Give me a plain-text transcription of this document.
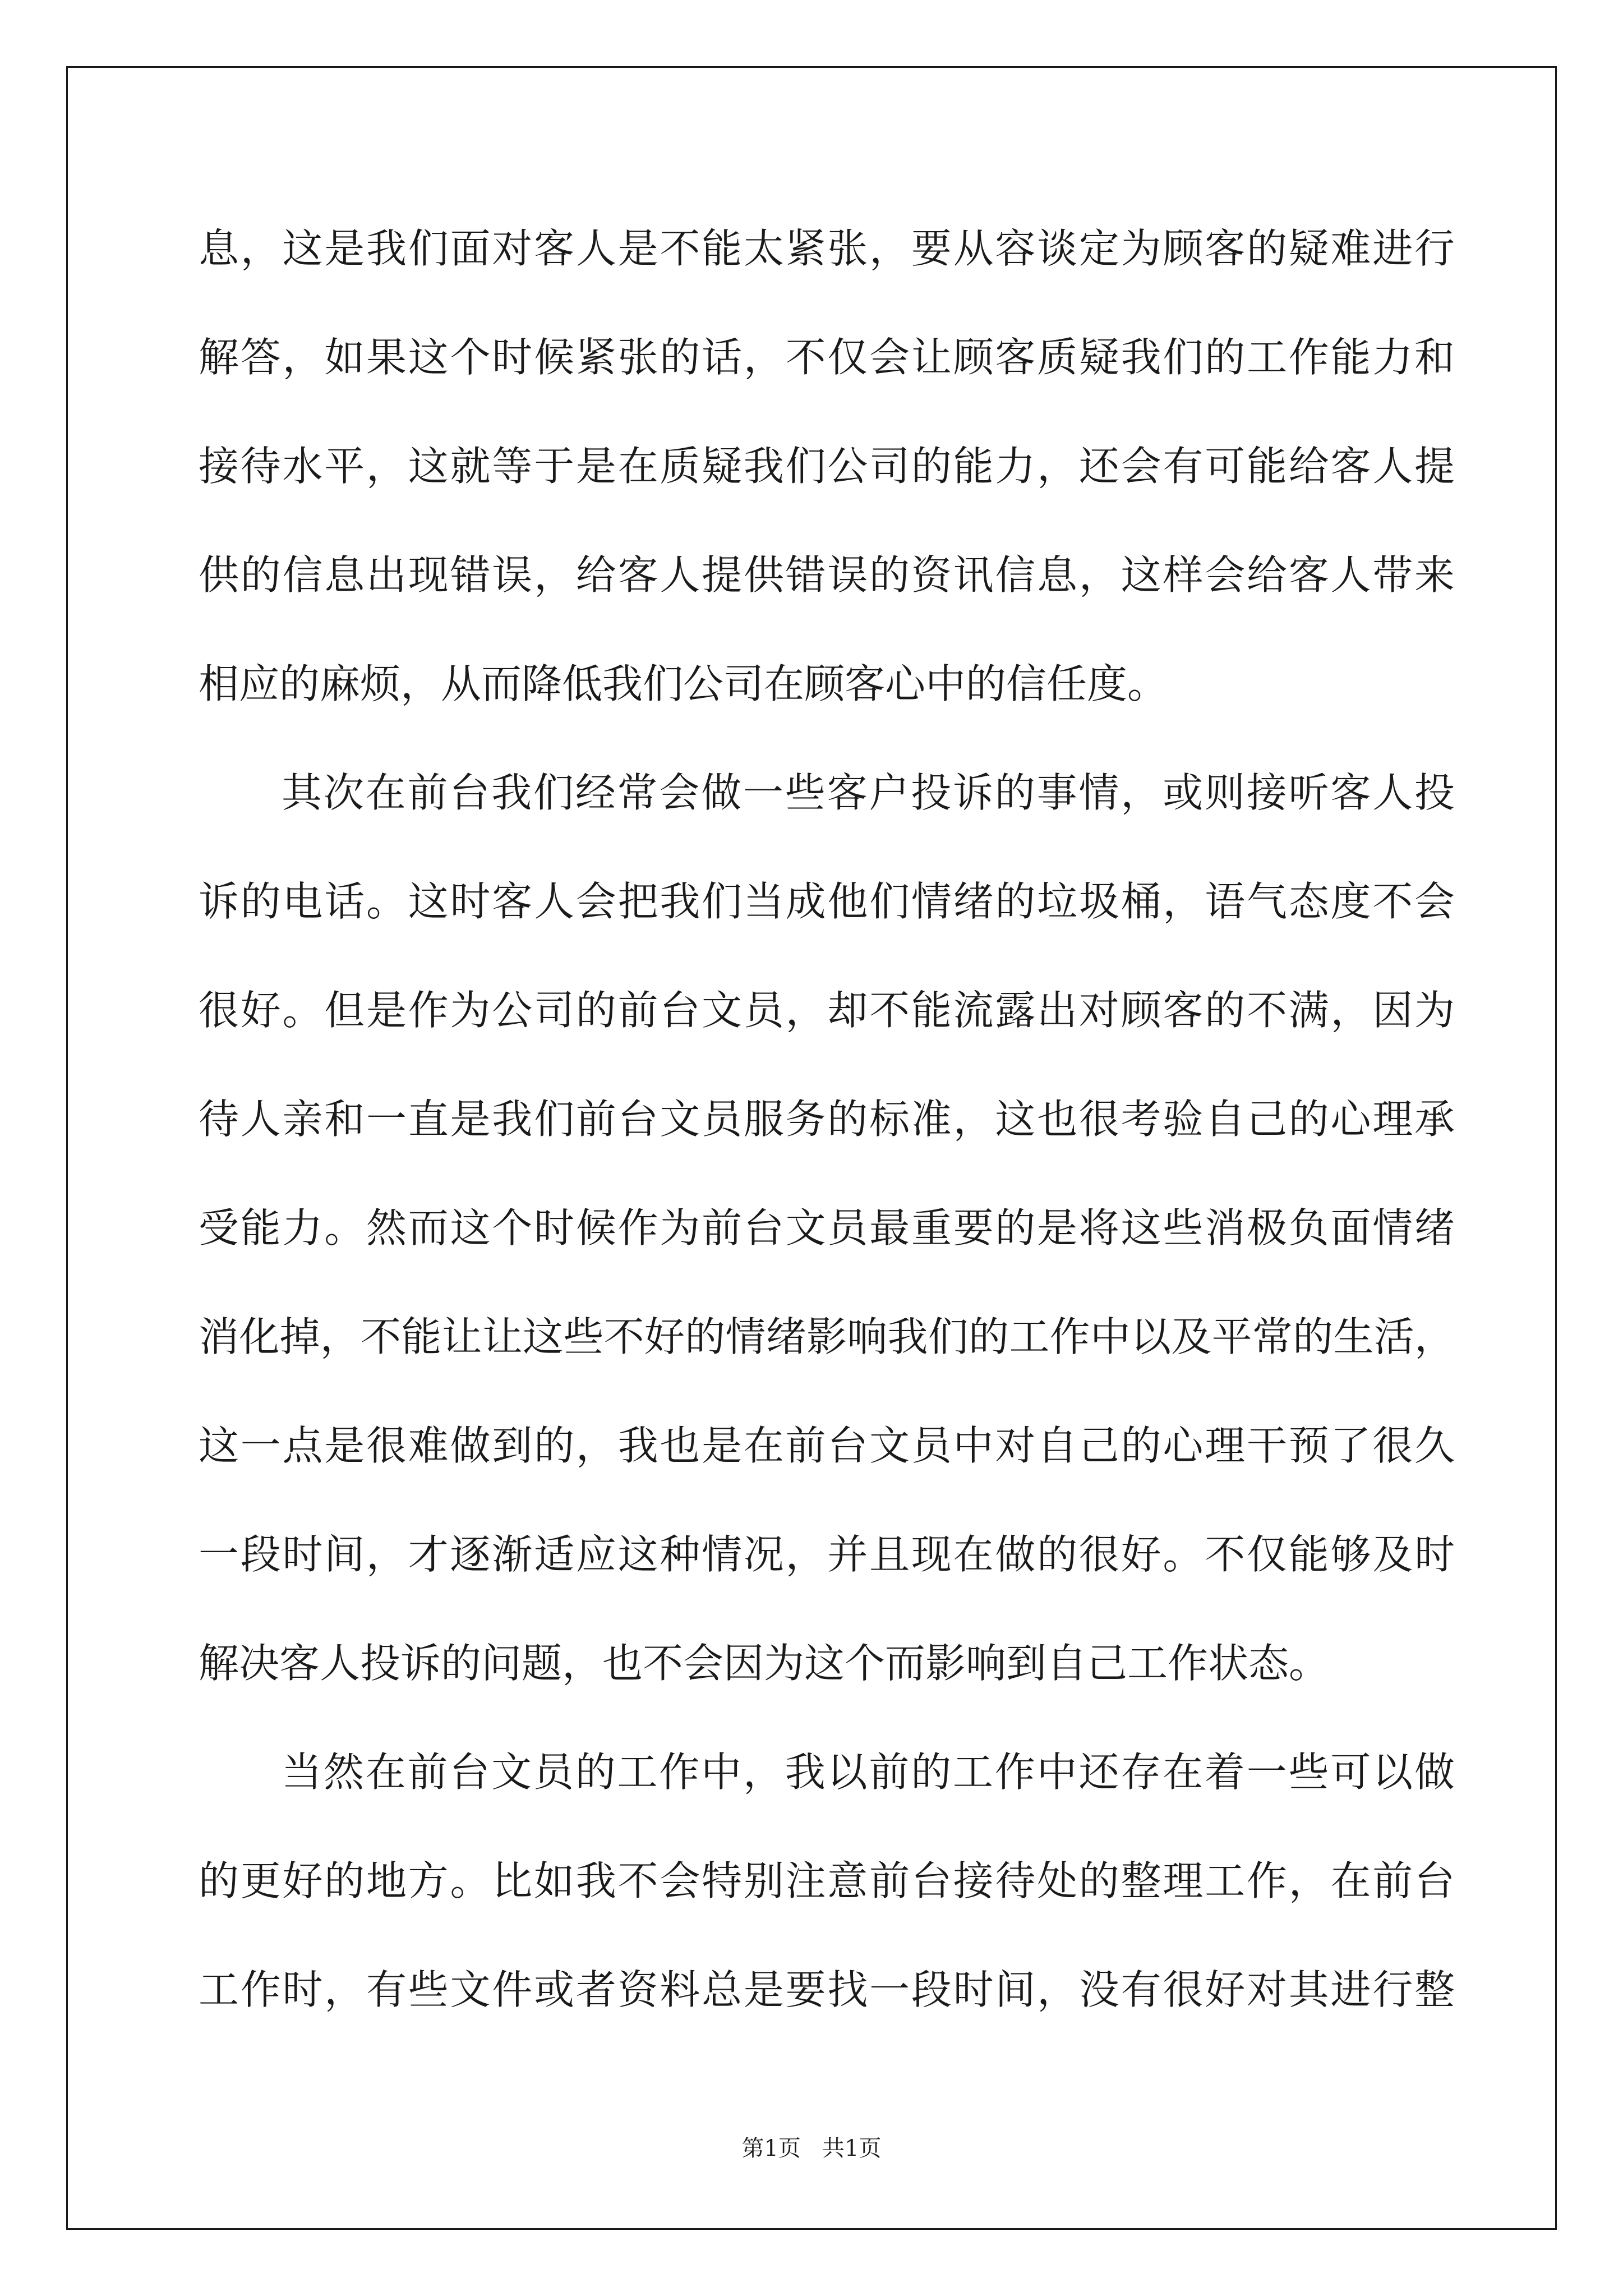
息，这是我们面对客人是不能太紧张，要从容谈定为顾客的疑难进行
解答，如果这个时候紧张的话，不仅会让顾客质疑我们的工作能力和
接待水平，这就等于是在质疑我们公司的能力，还会有可能给客人提
供的信息出现错误，给客人提供错误的资讯信息，这样会给客人带来
相应的麻烦，从而降低我们公司在顾客心中的信任度。
其次在前台我们经常会做一些客户投诉的事情，或则接听客人投
诉的电话。这时客人会把我们当成他们情绪的垃圾桶，语气态度不会
很好。但是作为公司的前台文员，却不能流露出对顾客的不满，因为
待人亲和一直是我们前台文员服务的标准，这也很考验自己的心理承
受能力。然而这个时候作为前台文员最重要的是将这些消极负面情绪
消化掉，不能让让这些不好的情绪影响我们的工作中以及平常的生活，
这一点是很难做到的，我也是在前台文员中对自己的心理干预了很久
一段时间，才逐渐适应这种情况，并且现在做的很好。不仅能够及时
解决客人投诉的问题，也不会因为这个而影响到自己工作状态。
当然在前台文员的工作中，我以前的工作中还存在着一些可以做
的更好的地方。比如我不会特别注意前台接待处的整理工作，在前台
工作时，有些文件或者资料总是要找一段时间，没有很好对其进行整
第1页   共1页
